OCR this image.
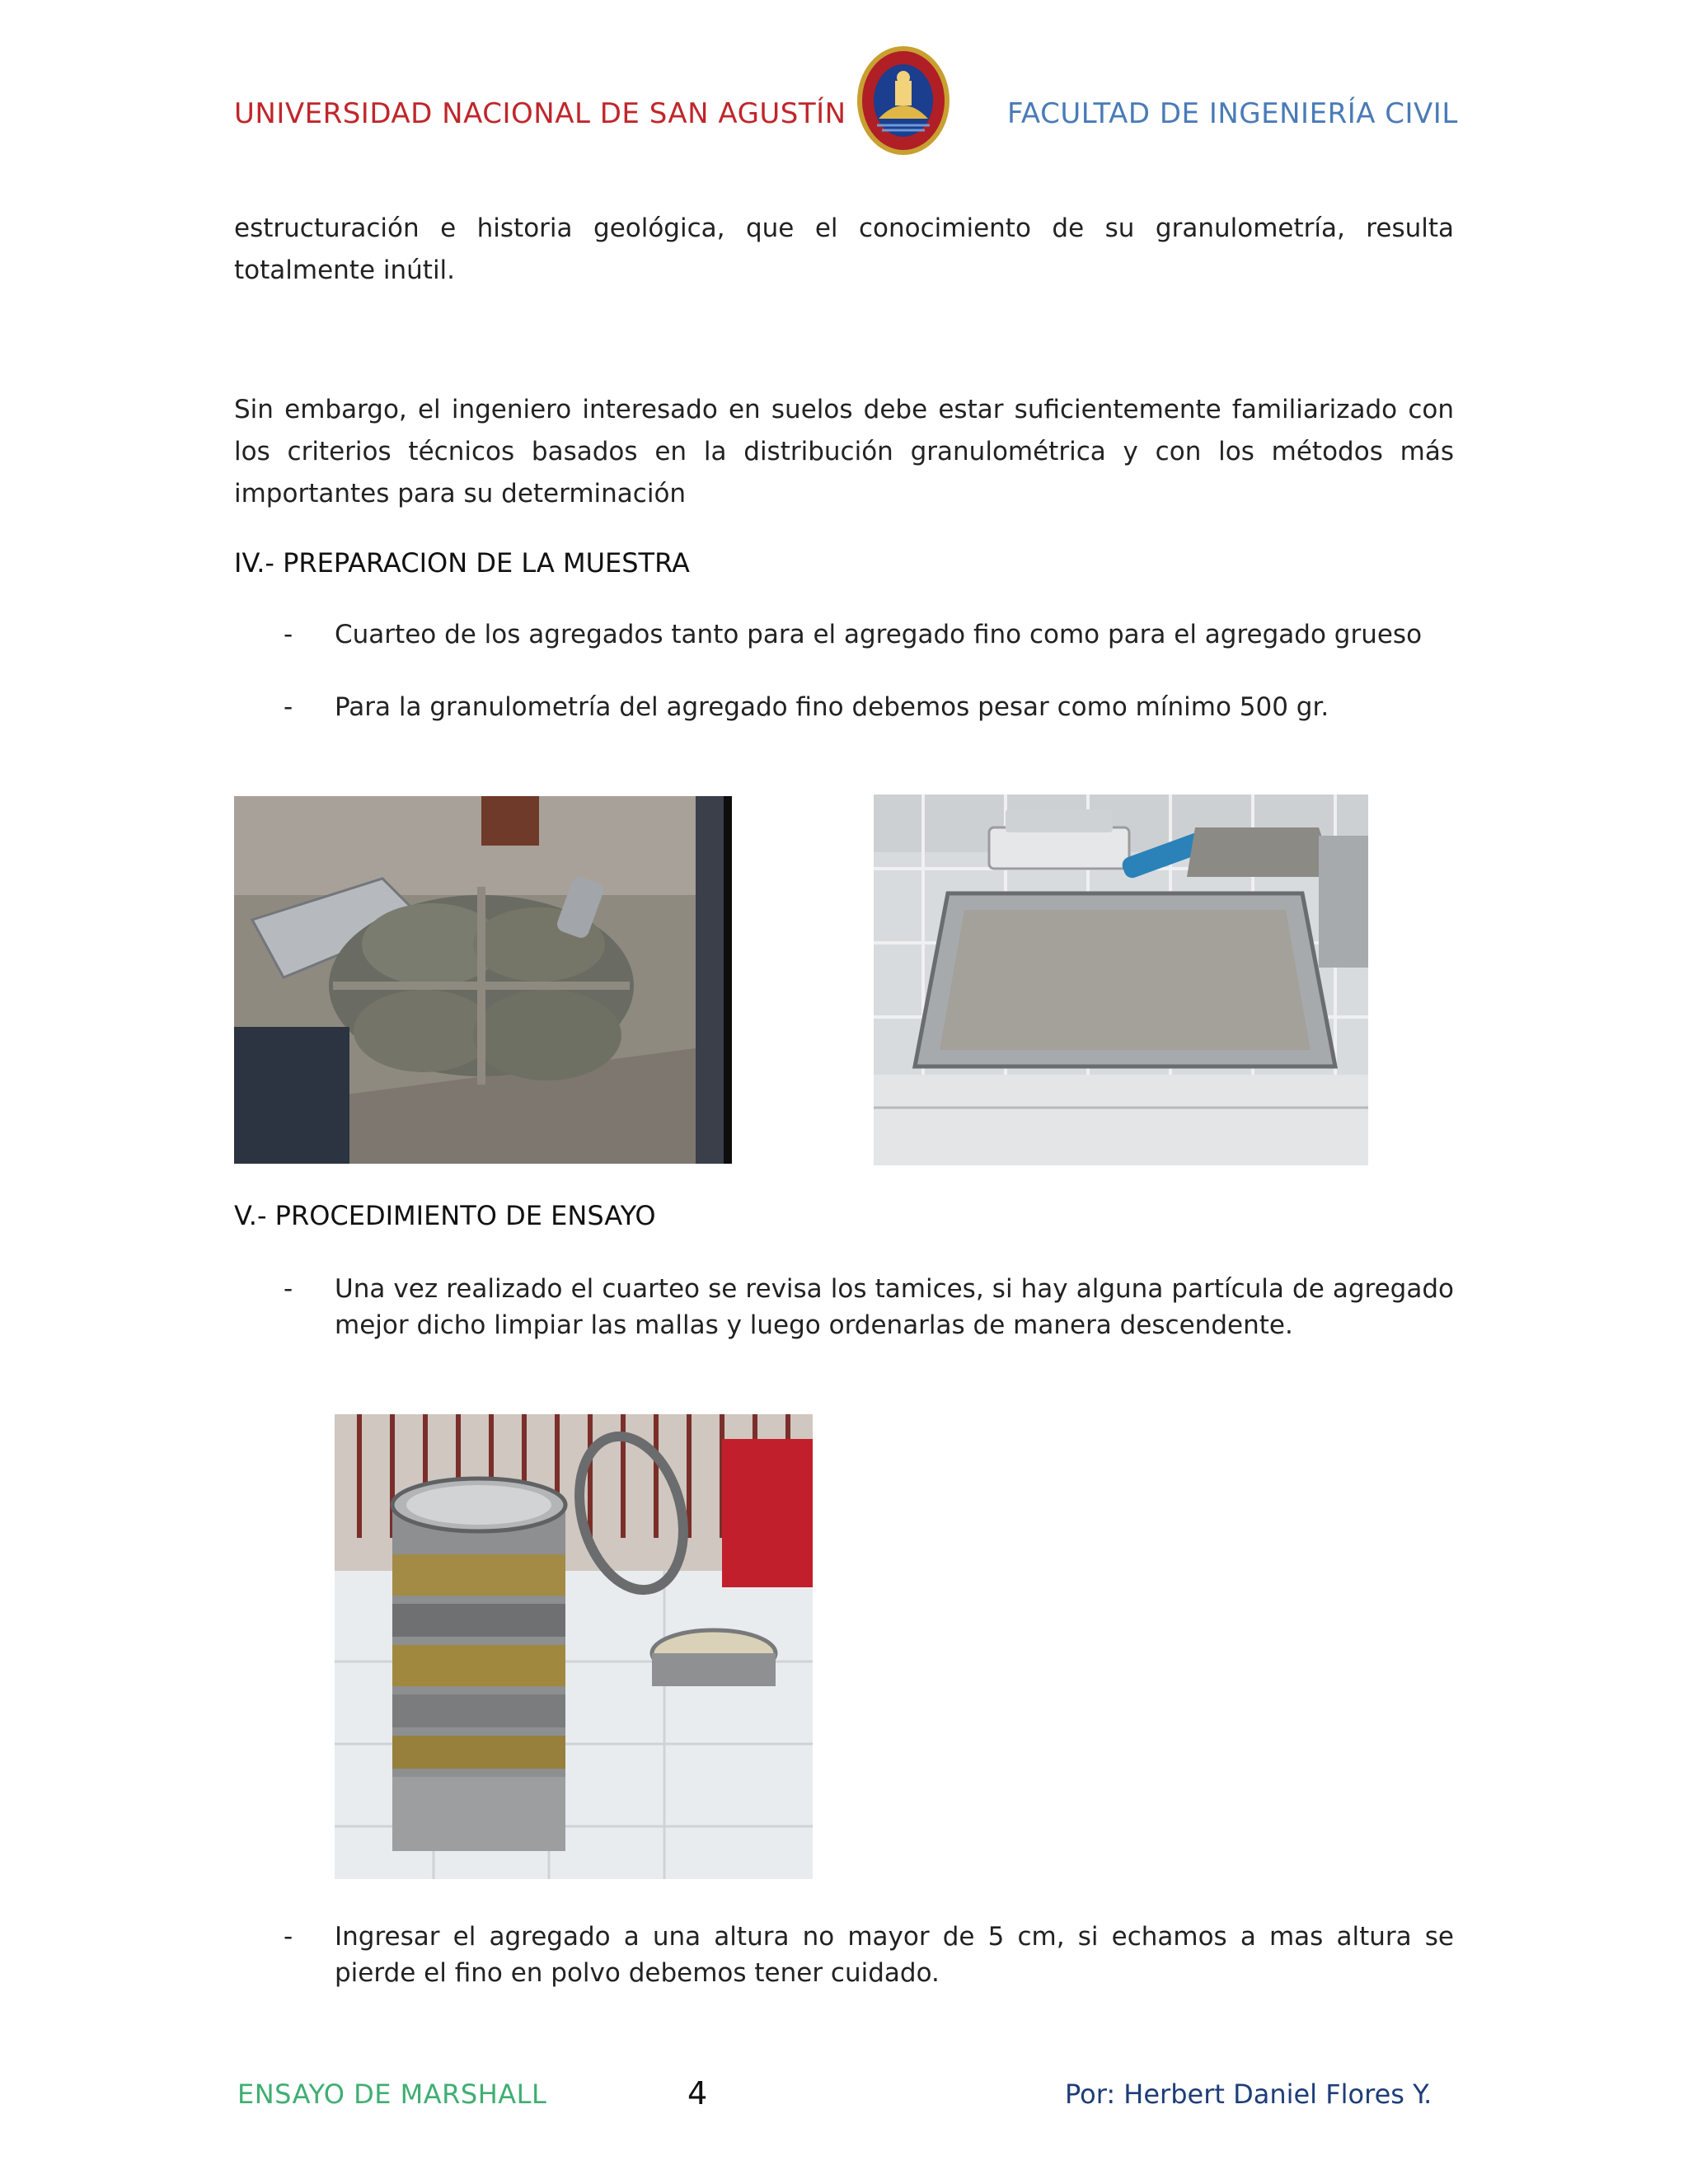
UNIVERSIDAD NACIONAL DE SAN AGUSTÍN	FACULTAD DE INGENIERÍA CIVIL
estructuración e historia geológica, que el conocimiento de su granulometría, resulta totalmente inútil.
Sin embargo, el ingeniero interesado en suelos debe estar suficientemente familiarizado con los criterios técnicos basados en la distribución granulométrica y con los métodos más importantes para su determinación
IV.- PREPARACION DE LA MUESTRA
- Cuarteo de los agregados tanto para el agregado fino como para el agregado grueso
- Para la granulometría del agregado fino debemos pesar como mínimo 500 gr.
V.- PROCEDIMIENTO DE ENSAYO
- Una vez realizado el cuarteo se revisa los tamices, si hay alguna partícula de agregado mejor dicho limpiar las mallas y luego ordenarlas de manera descendente.
- Ingresar el agregado a una altura no mayor de 5 cm, si echamos a mas altura se pierde el fino en polvo debemos tener cuidado.
ENSAYO DE MARSHALL	4	Por: Herbert Daniel Flores Y.
